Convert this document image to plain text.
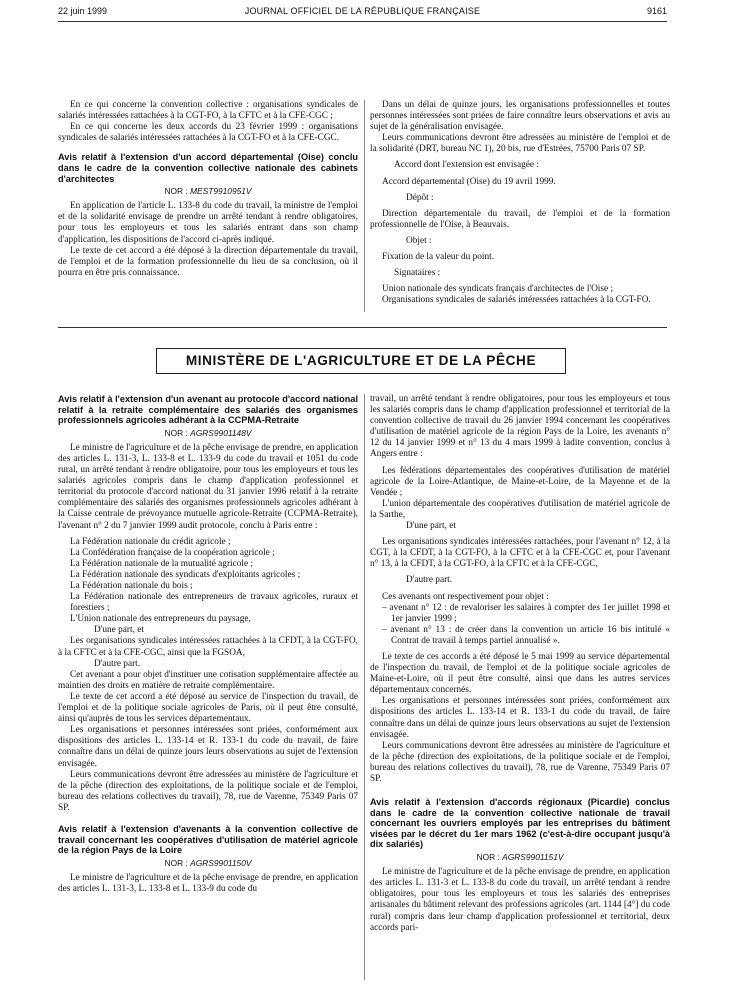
22 juin 1999	JOURNAL OFFICIEL DE LA RÉPUBLIQUE FRANÇAISE	9161

En ce qui concerne la convention collective : organisations syndicales de salariés intéressées rattachées à la CGT-FO, à la CFTC et à la CFE-CGC ;

En ce qui concerne les deux accords du 23 février 1999 : organisations syndicales de salariés intéressées rattachées à la CGT-FO et à la CFE-CGC.

Avis relatif à l'extension d'un accord départemental (Oise) conclu dans le cadre de la convention collective nationale des cabinets d'architectes
NOR : MESТ9910951V

En application de l'article L. 133-8 du code du travail, la ministre de l'emploi et de la solidarité envisage de prendre un arrêté tendant à rendre obligatoires, pour tous les employeurs et tous les salariés entrant dans son champ d'application, les dispositions de l'accord ci-après indiqué.

Le texte de cet accord a été déposé à la direction départementale du travail, de l'emploi et de la formation professionnelle du lieu de sa conclusion, où il pourra en être pris connaissance.

Dans un délai de quinze jours, les organisations professionnelles et toutes personnes intéressées sont priées de faire connaître leurs observations et avis au sujet de la généralisation envisagée.

Leurs communications devront être adressées au ministère de l'emploi et de la solidarité (DRT, bureau NC 1), 20 bis, rue d'Estrées, 75700 Paris 07 SP.

Accord dont l'extension est envisagée :

Accord départemental (Oise) du 19 avril 1999.

Dépôt :

Direction départementale du travail, de l'emploi et de la formation professionnelle de l'Oise, à Beauvais.

Objet :

Fixation de la valeur du point.

Signataires :

Union nationale des syndicats français d'architectes de l'Oise ;

Organisations syndicales de salariés intéressées rattachées à la CGT-FO.

MINISTÈRE DE L'AGRICULTURE ET DE LA PÊCHE
Avis relatif à l'extension d'un avenant au protocole d'accord national relatif à la retraite complémentaire des salariés des organismes professionnels agricoles adhérant à la CCPMA-Retraite
NOR : AGRS9901148V

Le ministre de l'agriculture et de la pêche envisage de prendre, en application des articles L. 131-3, L. 133-8 et L. 133-9 du code du travail et 1051 du code rural, un arrêté tendant à rendre obligatoire, pour tous les employeurs et tous les salariés agricoles compris dans le champ d'application professionnel et territorial du protocole d'accord national du 31 janvier 1996 relatif à la retraite complémentaire des salariés des organismes professionnels agricoles adhérant à la Caisse centrale de prévoyance mutuelle agricole-Retraite (CCPMA-Retraite), l'avenant n° 2 du 7 janvier 1999 audit protocole, conclu à Paris entre :

La Fédération nationale du crédit agricole ;

La Confédération française de la coopération agricole ;

La Fédération nationale de la mutualité agricole ;

La Fédération nationale des syndicats d'exploitants agricoles ;

La Fédération nationale du bois ;

La Fédération nationale des entrepreneurs de travaux agricoles, ruraux et forestiers ;

L'Union nationale des entrepreneurs du paysage,

D'une part, et

Les organisations syndicales intéressées rattachées à la CFDT, à la CGT-FO, à la CFTC et à la CFE-CGC, ainsi que la FGSOA,

D'autre part.

Cet avenant a pour objet d'instituer une cotisation supplémentaire affectée au maintien des droits en matière de retraite complémentaire.

Le texte de cet accord a été déposé au service de l'inspection du travail, de l'emploi et de la politique sociale agricoles de Paris, où il peut être consulté, ainsi qu'auprès de tous les services départementaux.

Les organisations et personnes intéressées sont priées, conformément aux dispositions des articles L. 133-14 et R. 133-1 du code du travail, de faire connaître dans un délai de quinze jours leurs observations au sujet de l'extension envisagée.

Leurs communications devront être adressées au ministère de l'agriculture et de la pêche (direction des exploitations, de la politique sociale et de l'emploi, bureau des relations collectives du travail), 78, rue de Varenne, 75349 Paris 07 SP.

Avis relatif à l'extension d'avenants à la convention collective de travail concernant les coopératives d'utilisation de matériel agricole de la région Pays de la Loire
NOR : AGRS9901150V

Le ministre de l'agriculture et de la pêche envisage de prendre, en application des articles L. 131-3, L. 133-8 et L. 133-9 du code du

travail, un arrêté tendant à rendre obligatoires, pour tous les employeurs et tous les salariés compris dans le champ d'application professionnel et territorial de la convention collective de travail du 26 janvier 1994 concernant les coopératives d'utilisation de matériel agricole de la région Pays de la Loire, les avenants n° 12 du 14 janvier 1999 et n° 13 du 4 mars 1999 à ladite convention, conclus à Angers entre :

Les fédérations départementales des coopératives d'utilisation de matériel agricole de la Loire-Atlantique, de Maine-et-Loire, de la Mayenne et de la Vendée ;

L'union départementale des coopératives d'utilisation de matériel agricole de la Sarthe,

D'une part, et

Les organisations syndicales intéressées rattachées, pour l'avenant n° 12, à la CGT, à la CFDT, à la CGT-FO, à la CFTC et à la CFE-CGC et, pour l'avenant n° 13, à la CFDT, à la CGT-FO, à la CFTC et à la CFE-CGC,

D'autre part.

Ces avenants ont respectivement pour objet :

– avenant n° 12 : de revaloriser les salaires à compter des 1er juillet 1998 et 1er janvier 1999 ;

– avenant n° 13 : de créer dans la convention un article 16 bis intitulé « Contrat de travail à temps partiel annualisé ».

Le texte de ces accords a été déposé le 5 mai 1999 au service départemental de l'inspection du travail, de l'emploi et de la politique sociale agricoles de Maine-et-Loire, où il peut être consulté, ainsi que dans les autres services départementaux concernés.

Les organisations et personnes intéressées sont priées, conformément aux dispositions des articles L. 133-14 et R. 133-1 du code du travail, de faire connaître dans un délai de quinze jours leurs observations au sujet de l'extension envisagée.

Leurs communications devront être adressées au ministère de l'agriculture et de la pêche (direction des exploitations, de la politique sociale et de l'emploi, bureau des relations collectives du travail), 78, rue de Varenne, 75349 Paris 07 SP.

Avis relatif à l'extension d'accords régionaux (Picardie) conclus dans le cadre de la convention collective nationale de travail concernant les ouvriers employés par les entreprises du bâtiment visées par le décret du 1er mars 1962 (c'est-à-dire occupant jusqu'à dix salariés)
NOR : AGRS9901151V

Le ministre de l'agriculture et de la pêche envisage de prendre, en application des articles L. 131-3 et L. 133-8 du code du travail, un arrêté tendant à rendre obligatoires, pour tous les employeurs et tous les salariés des entreprises artisanales du bâtiment relevant des professions agricoles (art. 1144 [4°] du code rural) compris dans leur champ d'application professionnel et territorial, deux accords pari-
